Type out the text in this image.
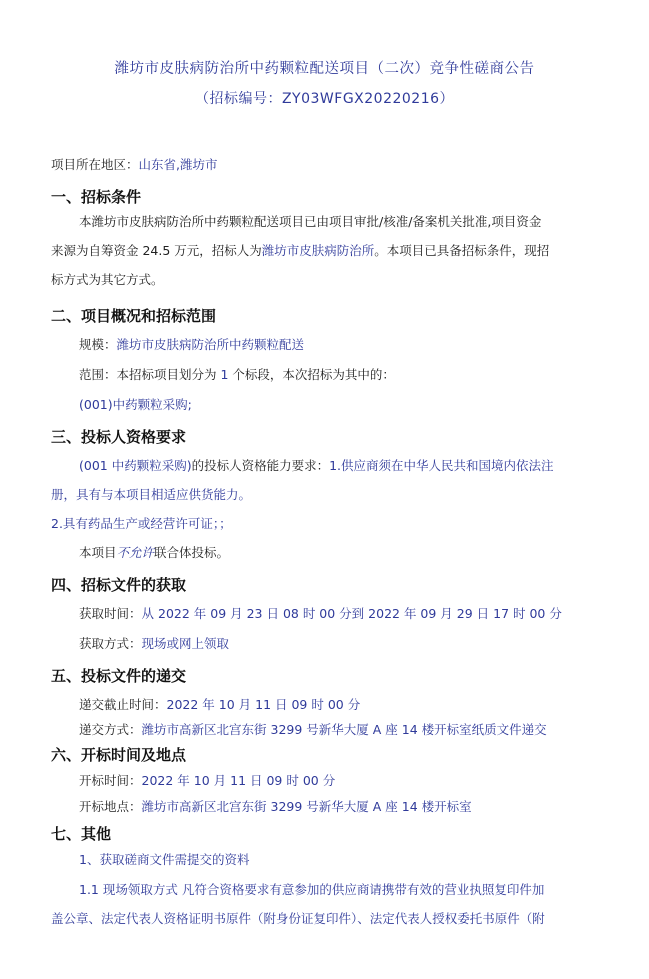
潍坊市皮肤病防治所中药颗粒配送项目（二次）竞争性磋商公告
（招标编号：ZY03WFGX20220216）
项目所在地区：山东省,潍坊市
一、招标条件
本潍坊市皮肤病防治所中药颗粒配送项目已由项目审批/核准/备案机关批准,项目资金
来源为自筹资金 24.5 万元，招标人为潍坊市皮肤病防治所。本项目已具备招标条件，现招
标方式为其它方式。
二、项目概况和招标范围
规模：潍坊市皮肤病防治所中药颗粒配送
范围：本招标项目划分为 1 个标段，本次招标为其中的：
(001)中药颗粒采购;
三、投标人资格要求
(001 中药颗粒采购)的投标人资格能力要求：1.供应商须在中华人民共和国境内依法注
册，具有与本项目相适应供货能力。
2.具有药品生产或经营许可证；；
本项目不允许联合体投标。
四、招标文件的获取
获取时间：从 2022 年 09 月 23 日 08 时 00 分到 2022 年 09 月 29 日 17 时 00 分
获取方式：现场或网上领取
五、投标文件的递交
递交截止时间：2022 年 10 月 11 日 09 时 00 分
递交方式：潍坊市高新区北宫东街 3299 号新华大厦 A 座 14 楼开标室纸质文件递交
六、开标时间及地点
开标时间：2022 年 10 月 11 日 09 时 00 分
开标地点：潍坊市高新区北宫东街 3299 号新华大厦 A 座 14 楼开标室
七、其他
1、获取磋商文件需提交的资料
1.1 现场领取方式 凡符合资格要求有意参加的供应商请携带有效的营业执照复印件加
盖公章、法定代表人资格证明书原件（附身份证复印件）、法定代表人授权委托书原件（附
